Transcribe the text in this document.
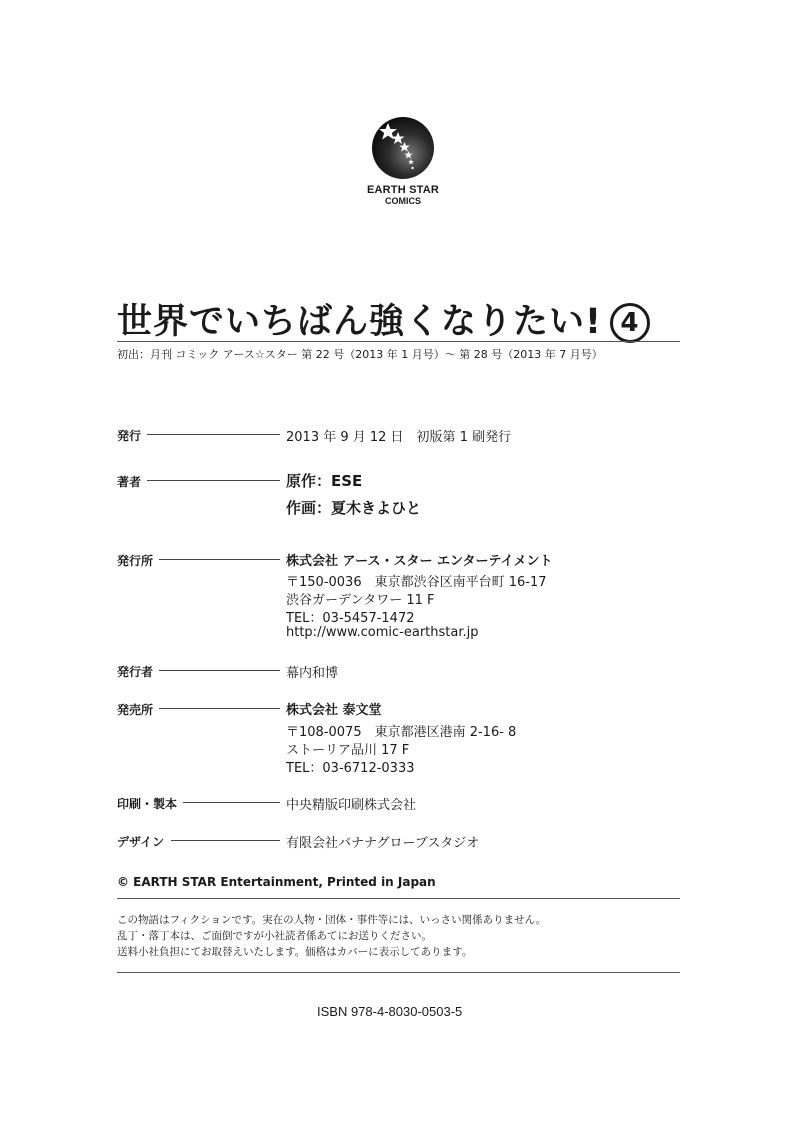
EARTH STAR
COMICS
世界でいちばん強くなりたい! 4
初出：月刊 コミック アース☆スター 第 22 号（2013 年 1 月号）～ 第 28 号（2013 年 7 月号）
発行	2013 年 9 月 12 日　初版第 1 刷発行
著者	原作：ESE
作画：夏木きよひと
発行所	株式会社 アース・スター エンターテイメント
〒150-0036　東京都渋谷区南平台町 16-17
渋谷ガーデンタワー 11 F
TEL：03-5457-1472
http://www.comic-earthstar.jp
発行者	幕内和博
発売所	株式会社 泰文堂
〒108-0075　東京都港区港南 2-16- 8
ストーリア品川 17 F
TEL：03-6712-0333
印刷・製本	中央精版印刷株式会社
デザイン	有限会社バナナグローブスタジオ
© EARTH STAR Entertainment, Printed in Japan
この物語はフィクションです。実在の人物・団体・事件等には、いっさい関係ありません。
乱丁・落丁本は、ご面倒ですが小社読者係あてにお送りください。
送料小社負担にてお取替えいたします。価格はカバーに表示してあります。
ISBN 978-4-8030-0503-5
